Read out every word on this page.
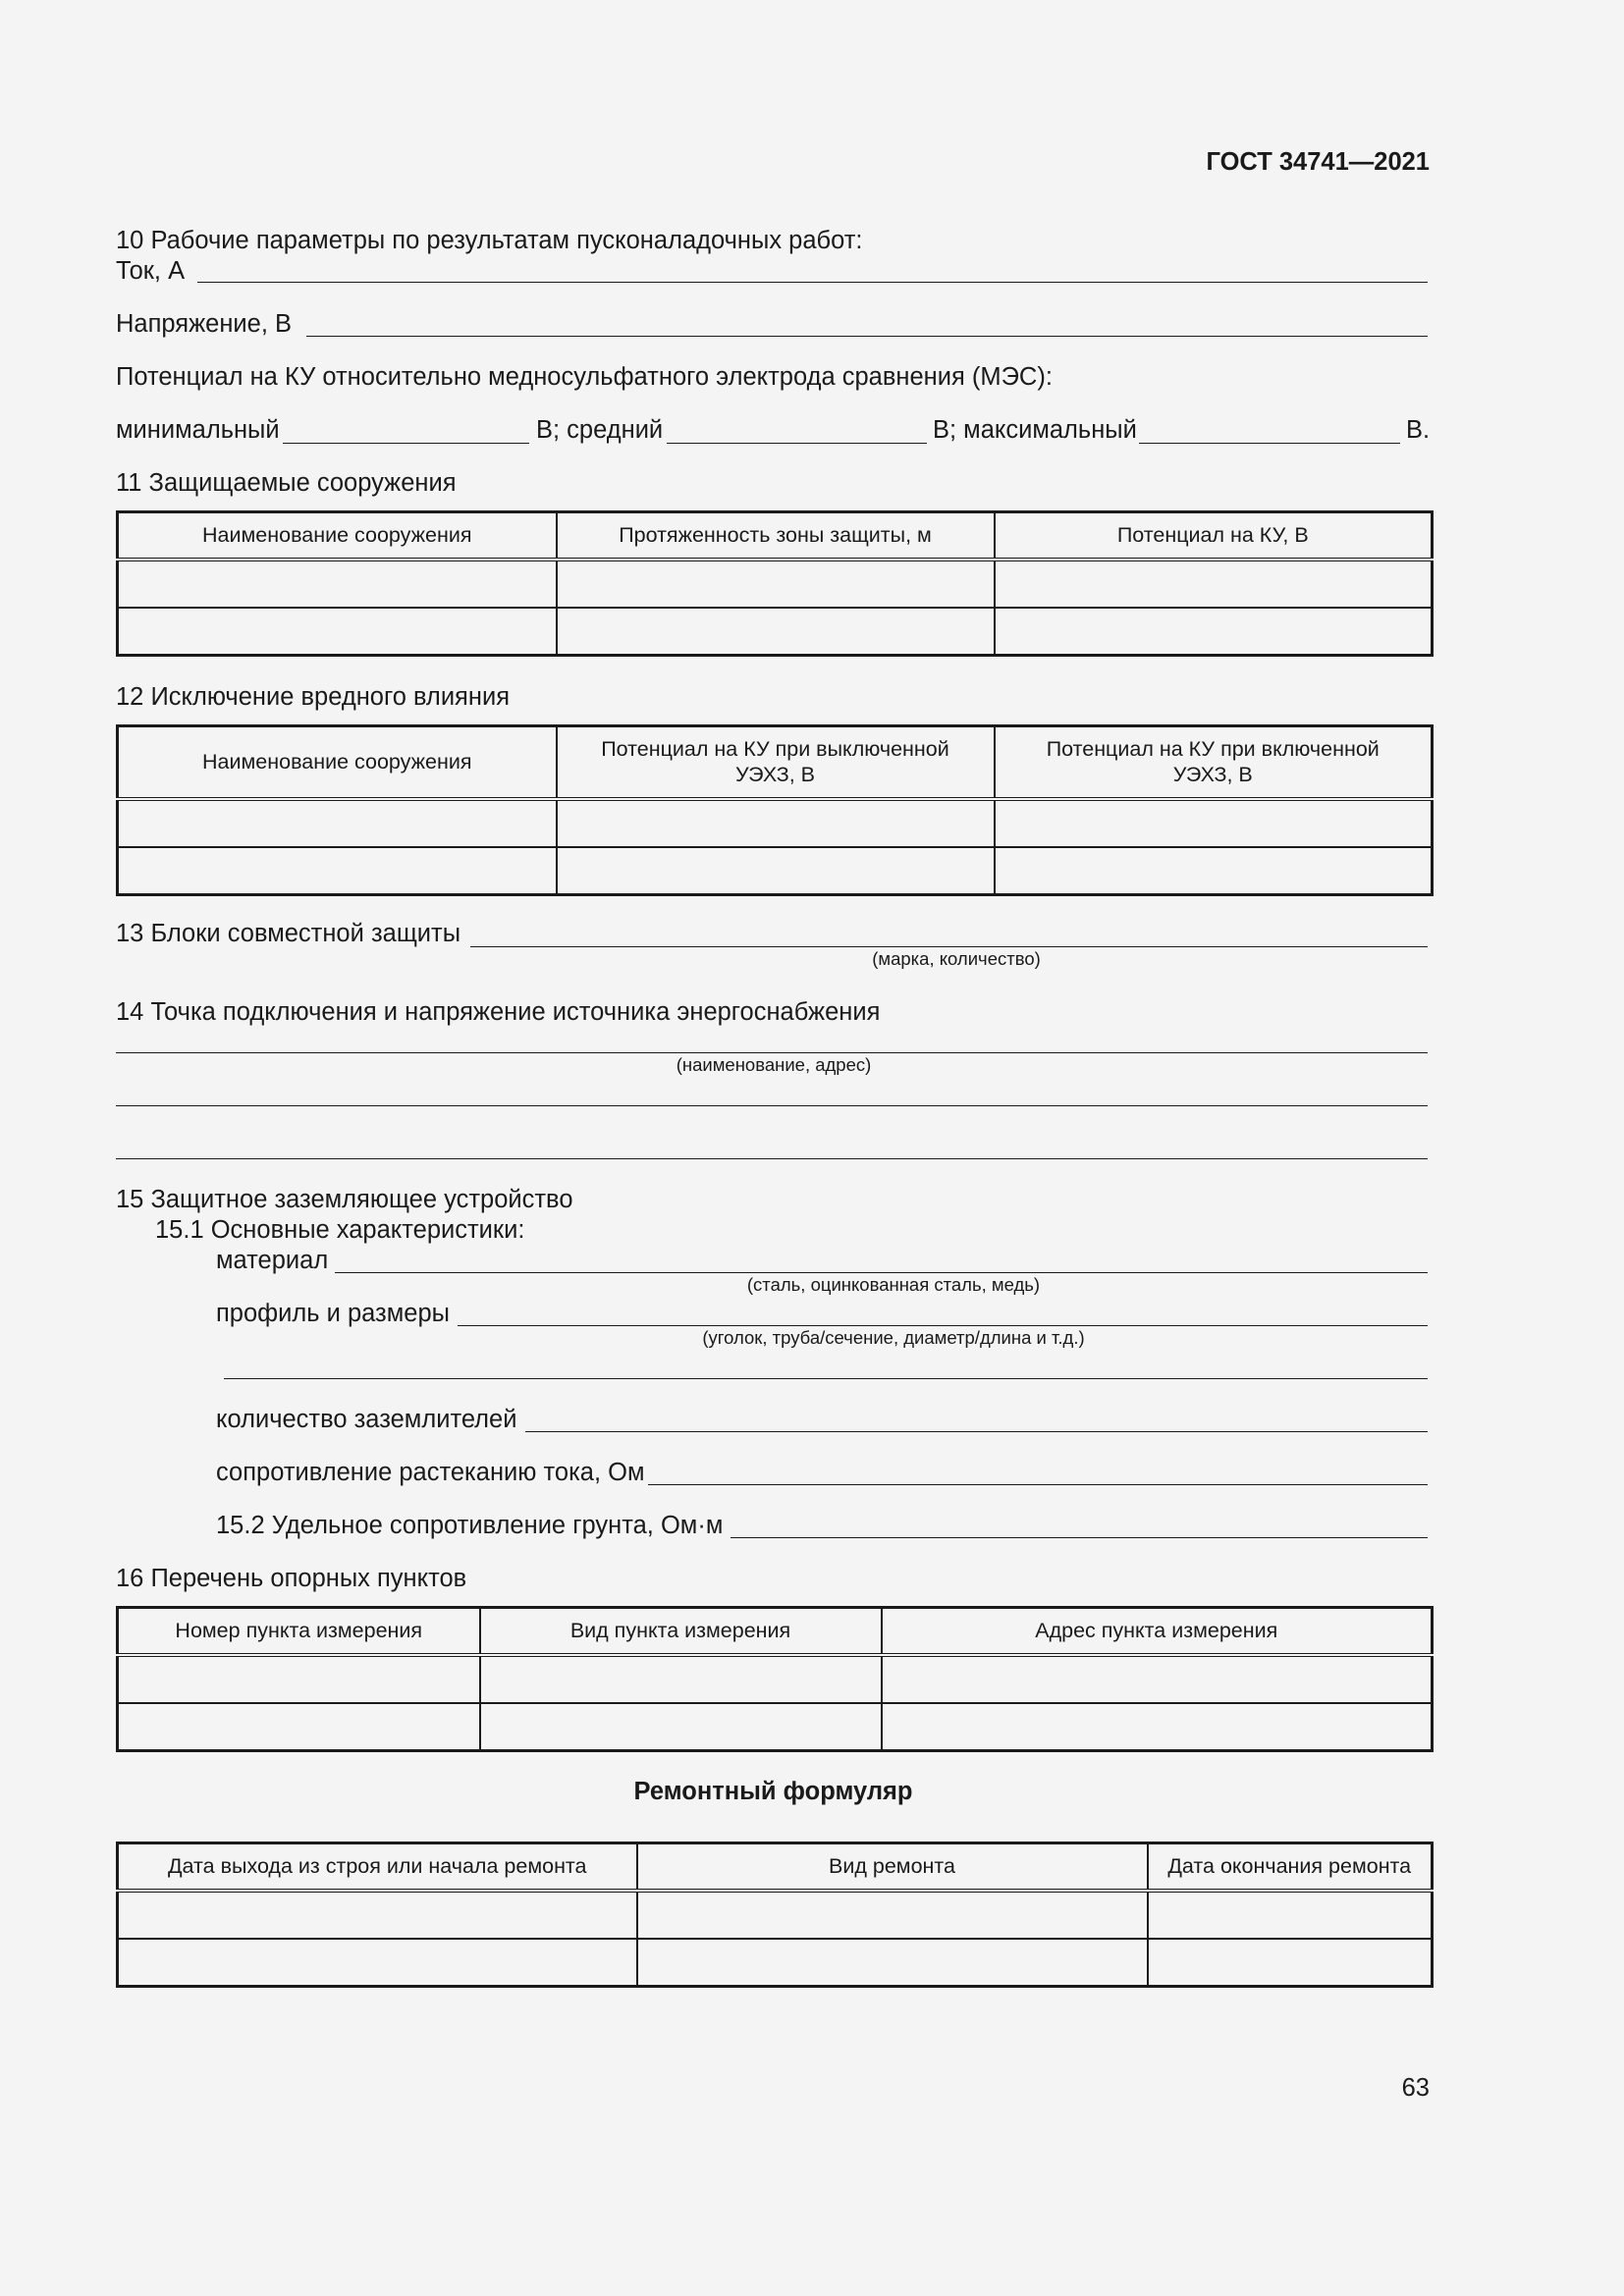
ГОСТ 34741—2021
10 Рабочие параметры по результатам пусконаладочных работ:
Ток, А
Напряжение, В
Потенциал на КУ относительно медносульфатного электрода сравнения (МЭС):
минимальный	В; средний	В; максимальный	В.
11 Защищаемые сооружения
Наименование сооружения	Протяженность зоны защиты, м	Потенциал на КУ, В

12 Исключение вредного влияния
Наименование сооружения	Потенциал на КУ при выключенной УЭХЗ, В	Потенциал на КУ при включенной УЭХЗ, В

13 Блоки совместной защиты
(марка, количество)
14 Точка подключения и напряжение источника энергоснабжения
(наименование, адрес)
15 Защитное заземляющее устройство
15.1 Основные характеристики:
материал
(сталь, оцинкованная сталь, медь)
профиль и размеры
(уголок, труба/сечение, диаметр/длина и т.д.)
количество заземлителей
сопротивление растеканию тока, Ом
15.2 Удельное сопротивление грунта, Ом·м
16 Перечень опорных пунктов
Номер пункта измерения	Вид пункта измерения	Адрес пункта измерения

Ремонтный формуляр
Дата выхода из строя или начала ремонта	Вид ремонта	Дата окончания ремонта

63
